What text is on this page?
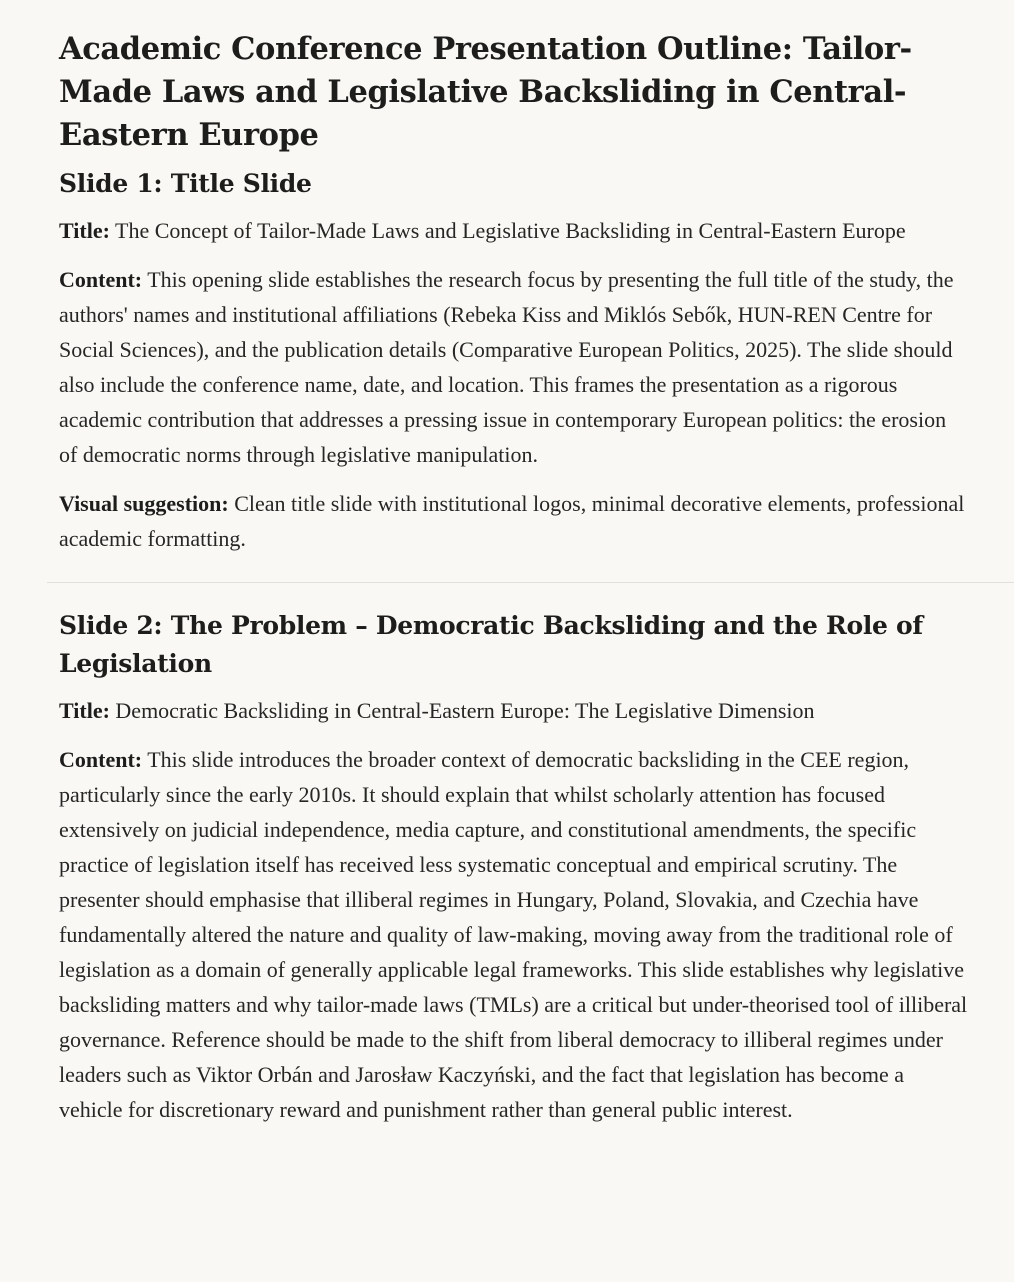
Academic Conference Presentation Outline: Tailor-Made Laws and Legislative Backsliding in Central-Eastern Europe
Slide 1: Title Slide

Title: The Concept of Tailor-Made Laws and Legislative Backsliding in Central-Eastern Europe

Content: This opening slide establishes the research focus by presenting the full title of the study, the authors' names and institutional affiliations (Rebeka Kiss and Miklós Sebők, HUN-REN Centre for Social Sciences), and the publication details (Comparative European Politics, 2025). The slide should also include the conference name, date, and location. This frames the presentation as a rigorous academic contribution that addresses a pressing issue in contemporary European politics: the erosion of democratic norms through legislative manipulation.

Visual suggestion: Clean title slide with institutional logos, minimal decorative elements, professional academic formatting.

Slide 2: The Problem – Democratic Backsliding and the Role of Legislation

Title: Democratic Backsliding in Central-Eastern Europe: The Legislative Dimension

Content: This slide introduces the broader context of democratic backsliding in the CEE region, particularly since the early 2010s. It should explain that whilst scholarly attention has focused extensively on judicial independence, media capture, and constitutional amendments, the specific practice of legislation itself has received less systematic conceptual and empirical scrutiny. The presenter should emphasise that illiberal regimes in Hungary, Poland, Slovakia, and Czechia have fundamentally altered the nature and quality of law-making, moving away from the traditional role of legislation as a domain of generally applicable legal frameworks. This slide establishes why legislative backsliding matters and why tailor-made laws (TMLs) are a critical but under-theorised tool of illiberal governance. Reference should be made to the shift from liberal democracy to illiberal regimes under leaders such as Viktor Orbán and Jarosław Kaczyński, and the fact that legislation has become a vehicle for discretionary reward and punishment rather than general public interest.
